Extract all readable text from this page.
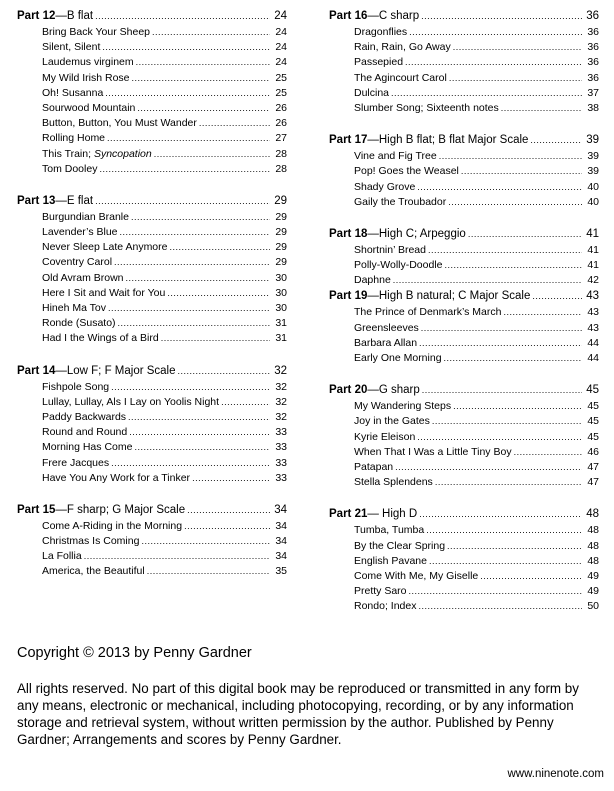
Part 12—B flat .....	24
Bring Back Your Sheep .....	24
Silent, Silent .....	24
Laudemus virginem .....	24
My Wild Irish Rose .....	25
Oh! Susanna .....	25
Sourwood Mountain .....	26
Button, Button, You Must Wander .....	26
Rolling Home .....	27
This Train; Syncopation .....	28
Tom Dooley .....	28
Part 13—E flat .....	29
Burgundian Branle .....	29
Lavender’s Blue .....	29
Never Sleep Late Anymore .....	29
Coventry Carol .....	29
Old Avram Brown .....	30
Here I Sit and Wait for You .....	30
Hineh Ma Tov .....	30
Ronde (Susato) .....	31
Had I the Wings of a Bird .....	31
Part 14—Low F; F Major Scale .....	32
Fishpole Song .....	32
Lullay, Lullay, Als I Lay on Yoolis Night .....	32
Paddy Backwards .....	32
Round and Round .....	33
Morning Has Come .....	33
Frere Jacques .....	33
Have You Any Work for a Tinker .....	33
Part 15—F sharp; G Major Scale .....	34
Come A-Riding in the Morning .....	34
Christmas Is Coming .....	34
La Follia .....	34
America, the Beautiful .....	35
Part 16—C sharp .....	36
Dragonflies .....	36
Rain, Rain, Go Away .....	36
Passepied .....	36
The Agincourt Carol .....	36
Dulcina .....	37
Slumber Song; Sixteenth notes .....	38
Part 17—High B flat; B flat Major Scale .....	39
Vine and Fig Tree .....	39
Pop! Goes the Weasel .....	39
Shady Grove .....	40
Gaily the Troubador .....	40
Part 18—High C; Arpeggio .....	41
Shortnin’ Bread .....	41
Polly-Wolly-Doodle .....	41
Daphne .....	42
Part 19—High B natural; C Major Scale .....	43
The Prince of Denmark’s March .....	43
Greensleeves .....	43
Barbara Allan .....	44
Early One Morning .....	44
Part 20—G sharp .....	45
My Wandering Steps .....	45
Joy in the Gates .....	45
Kyrie Eleison .....	45
When That I Was a Little Tiny Boy .....	46
Patapan .....	47
Stella Splendens .....	47
Part 21— High D .....	48
Tumba, Tumba .....	48
By the Clear Spring .....	48
English Pavane .....	48
Come With Me, My Giselle .....	49
Pretty Saro .....	49
Rondo; Index .....	50

Copyright © 2013 by Penny Gardner

All rights reserved. No part of this digital book may be reproduced or transmitted in any form by any means, electronic or mechanical, including photocopying, recording, or by any information storage and retrieval system, without written permission by the author. Published by Penny Gardner; Arrangements and scores by Penny Gardner.

www.ninenote.com
